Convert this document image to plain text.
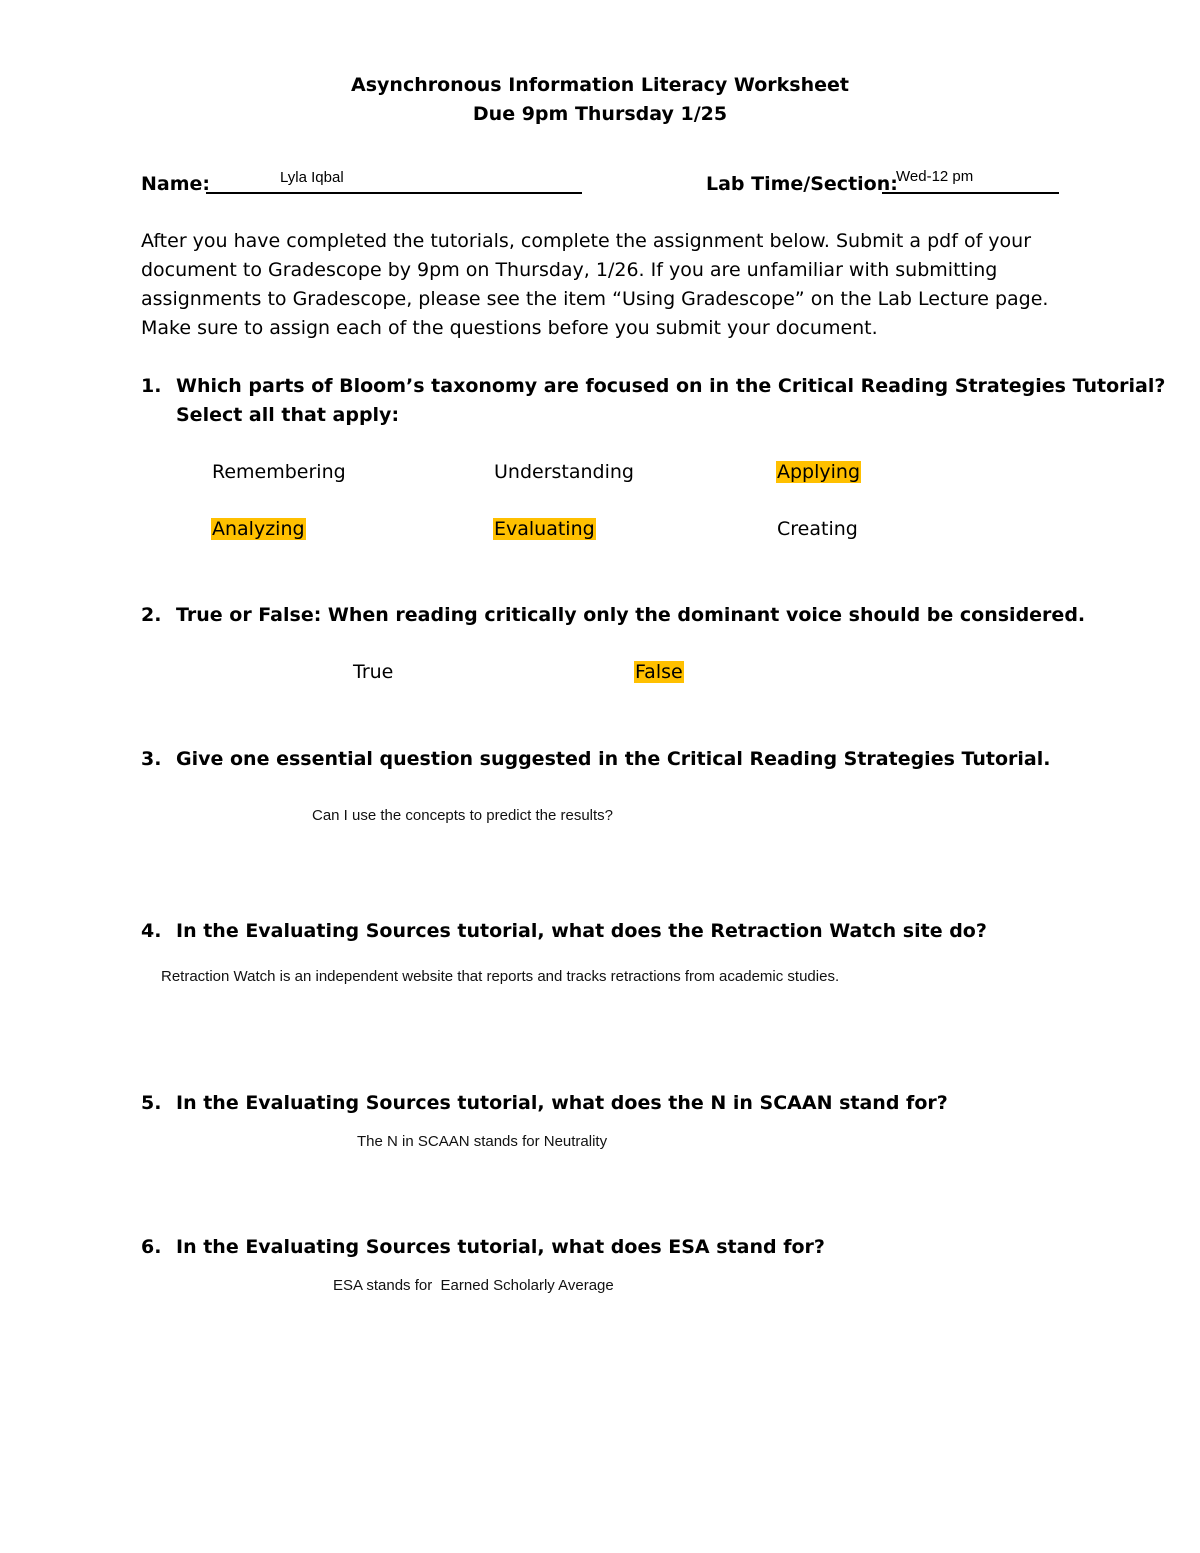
Asynchronous Information Literacy Worksheet
Due 9pm Thursday 1/25
Name:	Lyla Iqbal	Lab Time/Section:
Wed-12 pm
After you have completed the tutorials, complete the assignment below. Submit a pdf of your
document to Gradescope by 9pm on Thursday, 1/26. If you are unfamiliar with submitting
assignments to Gradescope, please see the item “Using Gradescope” on the Lab Lecture page.
Make sure to assign each of the questions before you submit your document.
1. Which parts of Bloom’s taxonomy are focused on in the Critical Reading Strategies Tutorial?
Select all that apply:
Remembering	Understanding	Applying
Analyzing	Evaluating	Creating
2. True or False: When reading critically only the dominant voice should be considered.
True	False
3. Give one essential question suggested in the Critical Reading Strategies Tutorial.
Can I use the concepts to predict the results?
4. In the Evaluating Sources tutorial, what does the Retraction Watch site do?
Retraction Watch is an independent website that reports and tracks retractions from academic studies.
5. In the Evaluating Sources tutorial, what does the N in SCAAN stand for?
The N in SCAAN stands for Neutrality
6. In the Evaluating Sources tutorial, what does ESA stand for?
ESA stands for  Earned Scholarly Average
